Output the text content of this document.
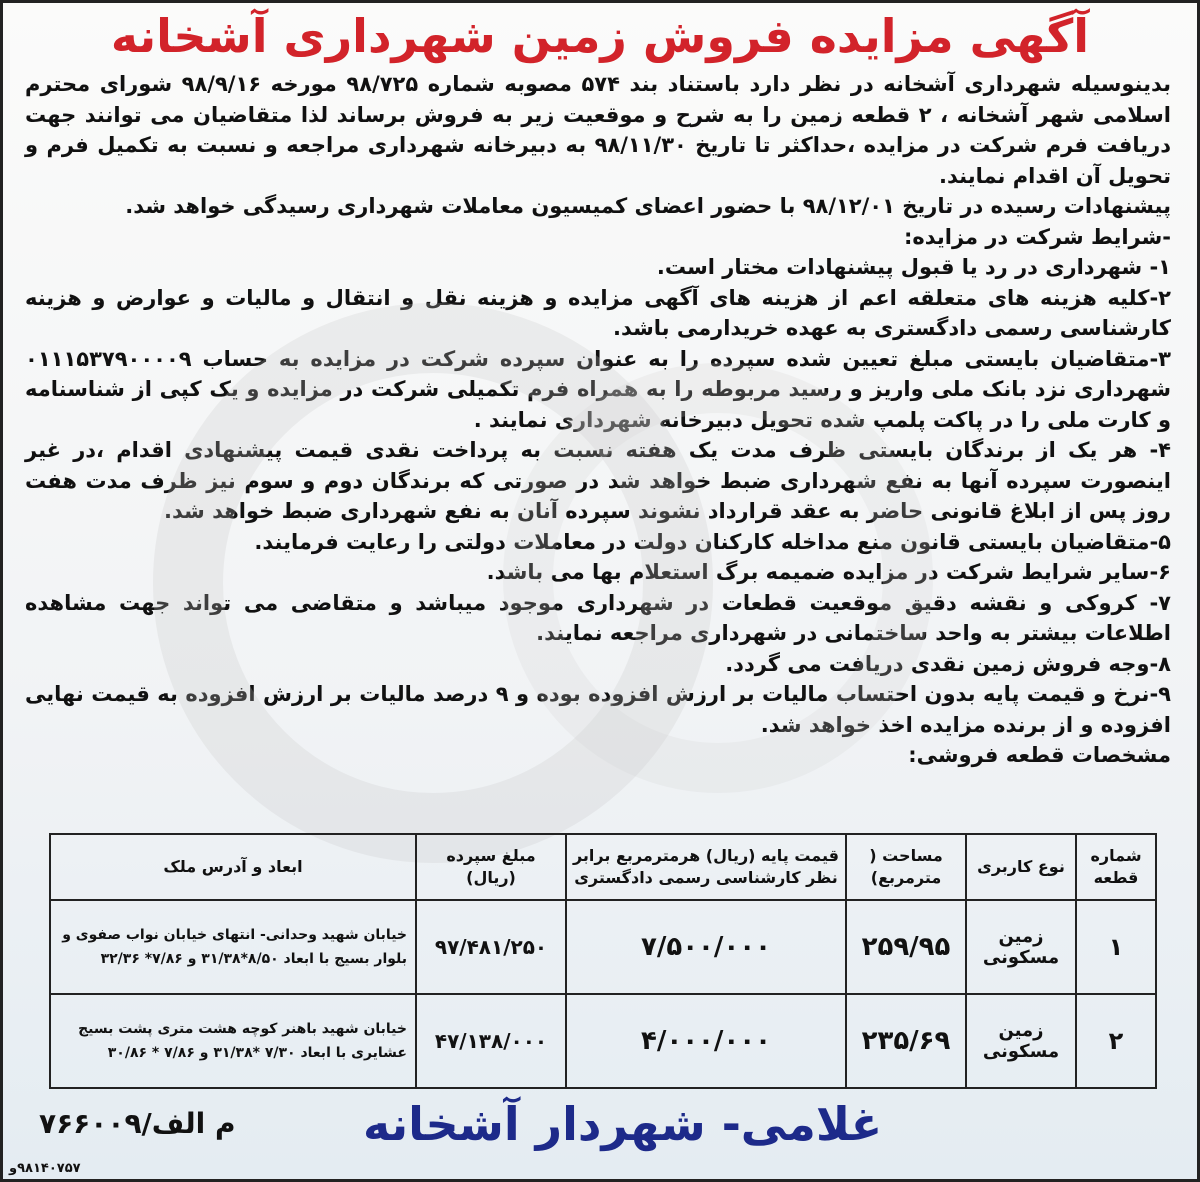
آگهی مزایده فروش زمین شهرداری آشخانه

بدینوسیله شهرداری آشخانه در نظر دارد باستناد بند ۵۷۴ مصوبه شماره ۹۸/۷۲۵ مورخه ۹۸/۹/۱۶ شورای محترم اسلامی شهر آشخانه ، ۲ قطعه زمین را به شرح و موقعیت زیر به فروش برساند لذا متقاضیان می توانند جهت دریافت فرم شرکت در مزایده ،حداکثر تا تاریخ ۹۸/۱۱/۳۰ به دبیرخانه شهرداری مراجعه و نسبت به تکمیل فرم و تحویل آن اقدام نمایند.

پیشنهادات رسیده در تاریخ ۹۸/۱۲/۰۱ با حضور اعضای کمیسیون معاملات شهرداری رسیدگی خواهد شد.

-شرایط شرکت در مزایده:

۱- شهرداری در رد یا قبول پیشنهادات مختار است.

۲-کلیه هزینه های متعلقه اعم از هزینه های آگهی مزایده و هزینه نقل و انتقال و مالیات و عوارض و هزینه کارشناسی رسمی دادگستری به عهده خریدارمی باشد.

۳-متقاضیان بایستی مبلغ تعیین شده سپرده را به عنوان سپرده شرکت در مزایده به حساب ۰۱۱۱۵۳۷۹۰۰۰۰۹ شهرداری نزد بانک ملی واریز و رسید مربوطه را به همراه فرم تکمیلی شرکت در مزایده و یک کپی از شناسنامه و کارت ملی را در پاکت پلمپ شده تحویل دبیرخانه شهرداری نمایند .

۴- هر یک از برندگان بایستی ظرف مدت یک هفته نسبت به پرداخت نقدی قیمت پیشنهادی اقدام ،در غیر اینصورت سپرده آنها به نفع شهرداری ضبط خواهد شد در صورتی که برندگان دوم و سوم نیز ظرف مدت هفت روز پس از ابلاغ قانونی حاضر به عقد قرارداد نشوند سپرده آنان به نفع شهرداری ضبط خواهد شد.

۵-متقاضیان بایستی قانون منع مداخله کارکنان دولت در معاملات دولتی را رعایت فرمایند.

۶-سایر شرایط شرکت در مزایده ضمیمه برگ استعلام بها می باشد.

۷- کروکی و نقشه دقیق موقعیت قطعات در شهرداری موجود میباشد و متقاضی می تواند جهت مشاهده اطلاعات بیشتر به واحد ساختمانی در شهرداری مراجعه نمایند.

۸-وجه فروش زمین نقدی دریافت می گردد.

۹-نرخ و قیمت پایه بدون احتساب مالیات بر ارزش افزوده بوده و ۹ درصد مالیات بر ارزش افزوده به قیمت نهایی افزوده و از برنده مزایده اخذ خواهد شد.

مشخصات قطعه فروشی:

شماره قطعه	نوع کاربری	مساحت ( مترمربع)	قیمت پایه (ریال) هرمترمربع برابر نظر کارشناسی رسمی دادگستری	مبلغ سپرده (ریال)	ابعاد و آدرس ملک
۱	زمین مسکونی	۲۵۹/۹۵	۷/۵۰۰/۰۰۰	۹۷/۴۸۱/۲۵۰	خیابان شهید وحدانی- انتهای خیابان نواب صفوی و بلوار بسیج با ابعاد ۸/۵۰*۳۱/۳۸ و ۷/۸۶* ۳۲/۳۶
۲	زمین مسکونی	۲۳۵/۶۹	۴/۰۰۰/۰۰۰	۴۷/۱۳۸/۰۰۰	خیابان شهید باهنر کوچه هشت متری پشت بسیج عشایری با ابعاد ۷/۳۰ *۳۱/۳۸ و ۷/۸۶ * ۳۰/۸۶
غلامی- شهردار آشخانه
م الف/۷۶۶۰۰۹
۹۸۱۴۰۷۵۷و
